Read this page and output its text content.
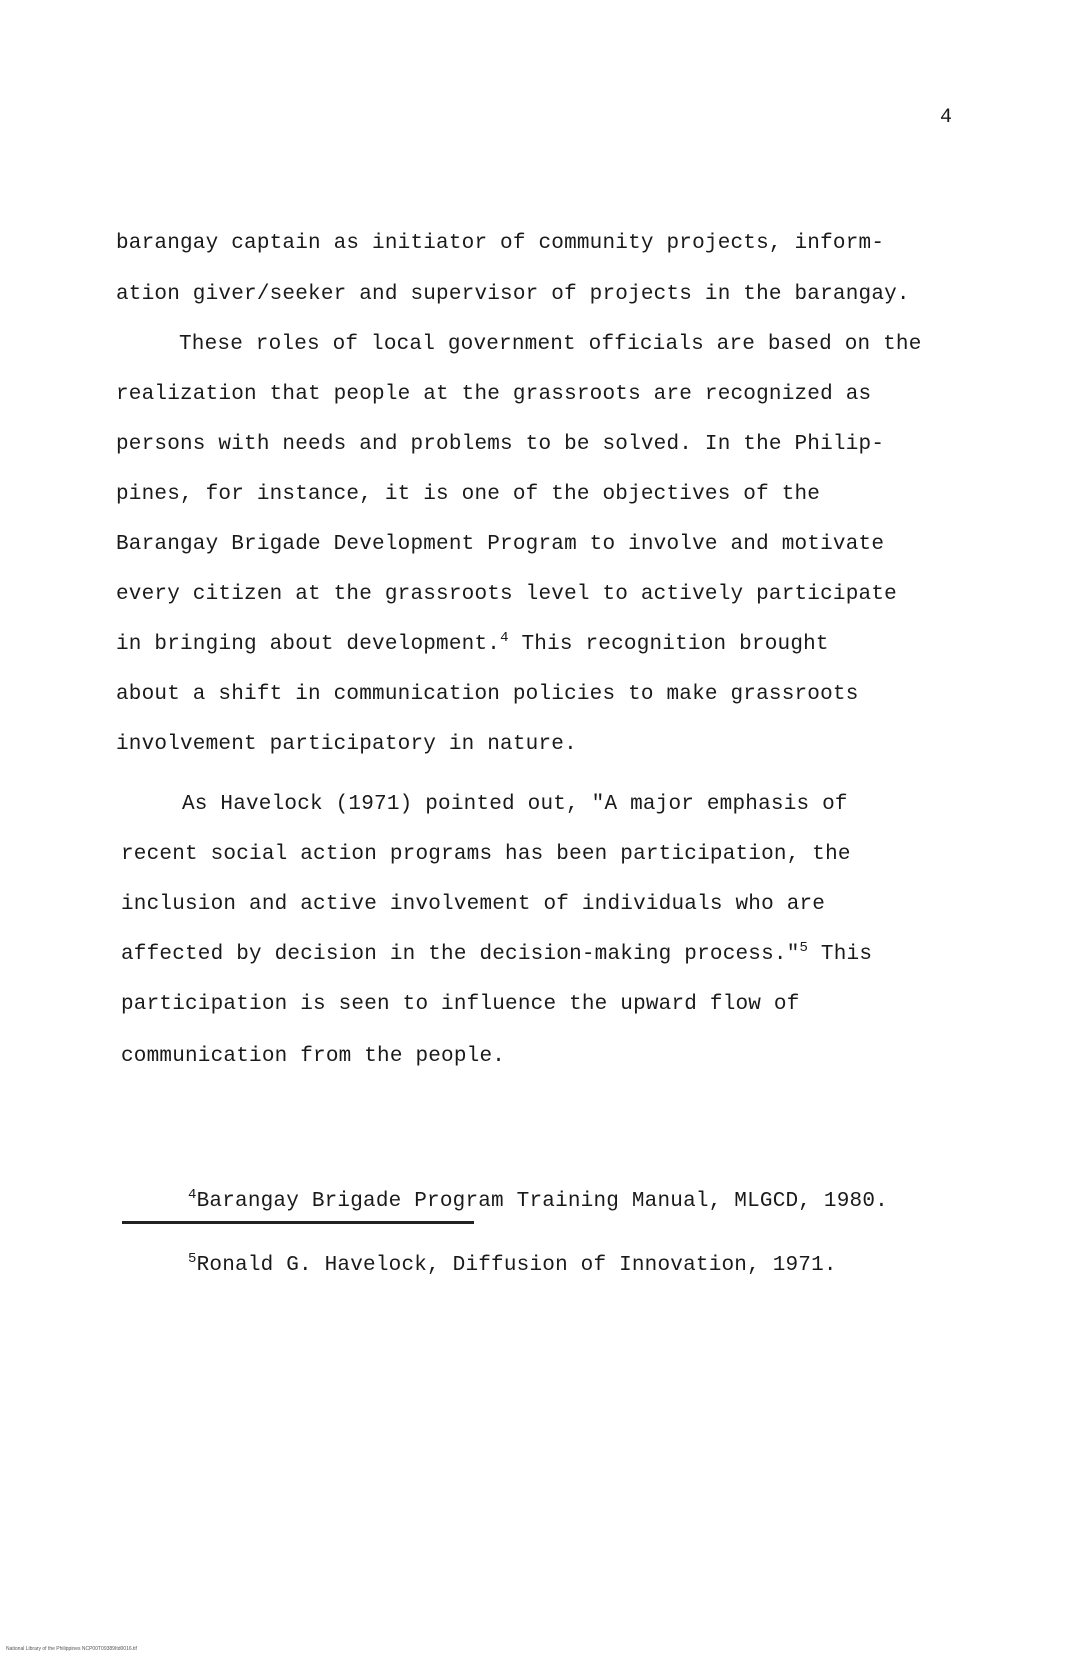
4
barangay captain as initiator of community projects, inform-
ation giver/seeker and supervisor of projects in the barangay.
These roles of local government officials are based on the
realization that people at the grassroots are recognized as
persons with needs and problems to be solved. In the Philip-
pines, for instance, it is one of the objectives of the
Barangay Brigade Development Program to involve and motivate
every citizen at the grassroots level to actively participate
in bringing about development.$^4$ This recognition brought
about a shift in communication policies to make grassroots
involvement participatory in nature.
As Havelock (1971) pointed out, "A major emphasis of
recent social action programs has been participation, the
inclusion and active involvement of individuals who are
affected by decision in the decision-making process."$^5$ This
participation is seen to influence the upward flow of
communication from the people.
$^4$Barangay Brigade Program Training Manual, MLGCD, 1980.
$^5$Ronald G. Havelock, Diffusion of Innovation, 1971.
National Library of the Philippines NCP00T09389Itd0016.tif
